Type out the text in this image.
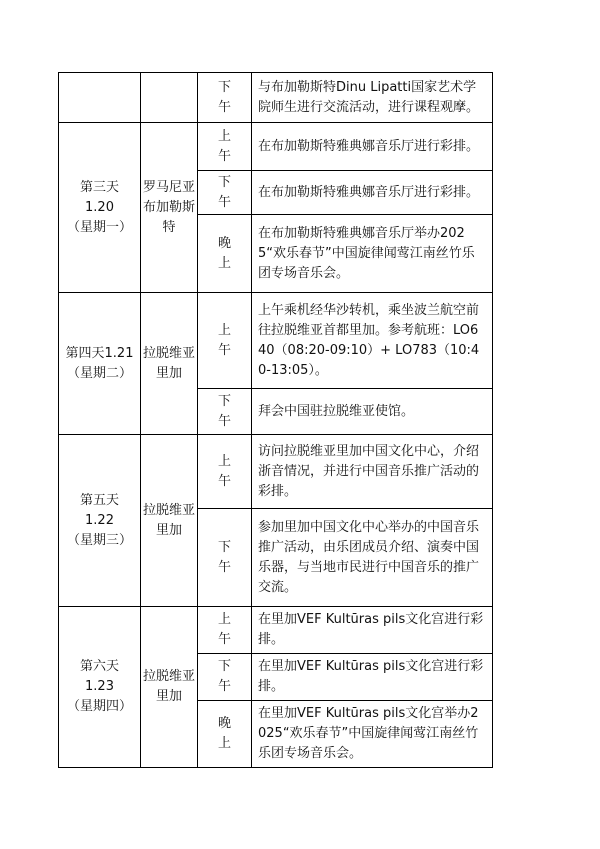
		下
午	与布加勒斯特Dinu Lipatti国家艺术学院师生进行交流活动，进行课程观摩。

第三天
1.20
（星期一）	罗马尼亚布加勒斯特	上
午	在布加勒斯特雅典娜音乐厅进行彩排。

		下
午	在布加勒斯特雅典娜音乐厅进行彩排。

		晚
上	在布加勒斯特雅典娜音乐厅举办2025“欢乐春节”中国旋律闻莺江南丝竹乐团专场音乐会。

第四天1.21
（星期二）	拉脱维亚里加	上
午	上午乘机经华沙转机，乘坐波兰航空前往拉脱维亚首都里加。参考航班：LO640（08:20-09:10）+ LO783（10:40-13:05）。

		下
午	拜会中国驻拉脱维亚使馆。

第五天
1.22
（星期三）	拉脱维亚里加	上
午	访问拉脱维亚里加中国文化中心，介绍浙音情况，并进行中国音乐推广活动的彩排。

		下
午	参加里加中国文化中心举办的中国音乐推广活动，由乐团成员介绍、演奏中国乐器，与当地市民进行中国音乐的推广交流。

第六天
1.23
（星期四）	拉脱维亚里加	上
午	在里加VEF Kultūras pils文化宫进行彩排。

		下
午	在里加VEF Kultūras pils文化宫进行彩排。

		晚
上	在里加VEF Kultūras pils文化宫举办2025“欢乐春节”中国旋律闻莺江南丝竹乐团专场音乐会。
